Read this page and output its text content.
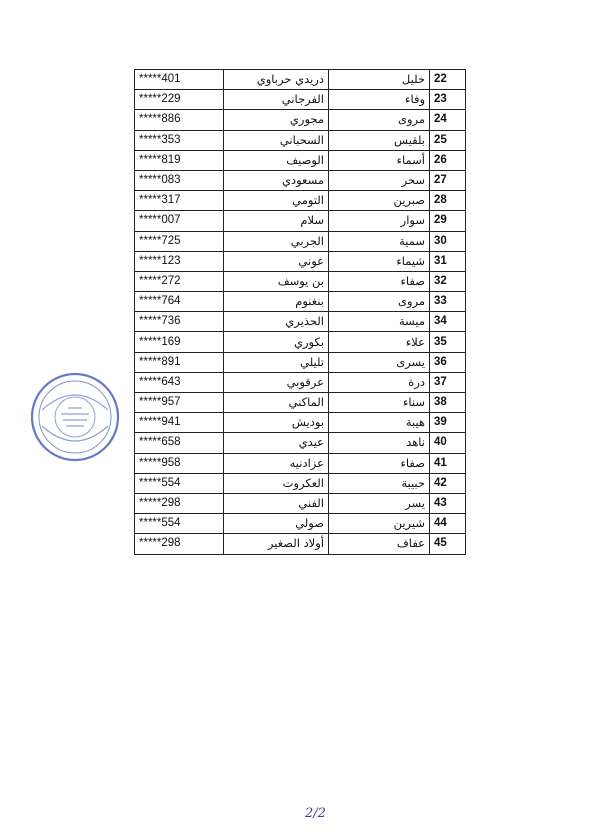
*****401	دريدي حرباوي	خليل	22
*****229	الفرجاني	وفاء	23
*****886	مجوري	مروى	24
*****353	السحباني	بلقيس	25
*****819	الوصيف	أسماء	26
*****083	مسعودي	سحر	27
*****317	التومي	صبرين	28
*****007	سلام	سوار	29
*****725	الجربي	سمية	30
*****123	عوني	شيماء	31
*****272	بن يوسف	صفاء	32
*****764	بنغنوم	مروى	33
*****736	الحذيري	ميسة	34
*****169	بكوري	علاء	35
*****891	تليلي	يسرى	36
*****643	عرقوبي	درة	37
*****957	الماكني	سناء	38
*****941	بوديش	هيبة	39
*****658	عيدي	ناهد	40
*****958	عزادنيه	صفاء	41
*****554	العكروت	حبيبة	42
*****298	الفني	يسر	43
*****554	صولي	شيرين	44
*****298	أولاد الصغير	عفاف	45
2/2
